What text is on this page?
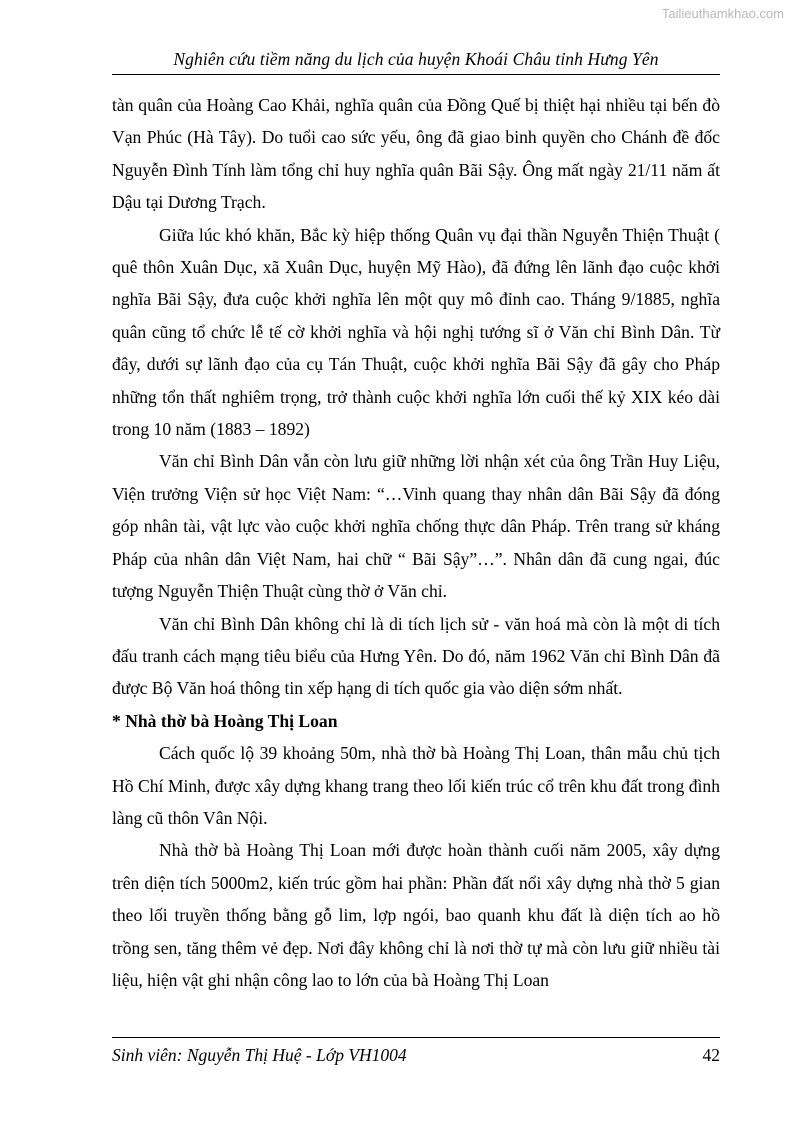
Tailieuthamkhao.com
Nghiên cứu tiềm năng du lịch của huyện Khoái Châu tỉnh Hưng Yên

tàn quân của Hoàng Cao Khải, nghĩa quân của Đồng Quế bị thiệt hại nhiều tại bến đò Vạn Phúc (Hà Tây). Do tuổi cao sức yếu, ông đã giao binh quyền cho Chánh đề đốc Nguyễn Đình Tính làm tổng chỉ huy nghĩa quân Bãi Sậy. Ông mất ngày 21/11 năm ất Dậu tại Dương Trạch.

Giữa lúc khó khăn, Bắc kỳ hiệp thống Quân vụ đại thần Nguyễn Thiện Thuật ( quê thôn Xuân Dục, xã Xuân Dục, huyện Mỹ Hào), đã đứng lên lãnh đạo cuộc khởi nghĩa Bãi Sậy, đưa cuộc khởi nghĩa lên một quy mô đỉnh cao. Tháng 9/1885, nghĩa quân cũng tổ chức lễ tế cờ khởi nghĩa và hội nghị tướng sĩ ở Văn chỉ Bình Dân. Từ đây, dưới sự lãnh đạo của cụ Tán Thuật, cuộc khởi nghĩa Bãi Sậy đã gây cho Pháp những tổn thất nghiêm trọng, trở thành cuộc khởi nghĩa lớn cuối thế kỷ XIX kéo dài trong 10 năm (1883 – 1892)

Văn chỉ Bình Dân vẫn còn lưu giữ những lời nhận xét của ông Trần Huy Liệu, Viện trưởng Viện sử học Việt Nam: “…Vinh quang thay nhân dân Bãi Sậy đã đóng góp nhân tài, vật lực vào cuộc khởi nghĩa chống thực dân Pháp. Trên trang sử kháng Pháp của nhân dân Việt Nam, hai chữ “ Bãi Sậy”…”. Nhân dân đã cung ngai, đúc tượng Nguyễn Thiện Thuật cùng thờ ở Văn chỉ.

Văn chỉ Bình Dân không chỉ là di tích lịch sử - văn hoá mà còn là một di tích đấu tranh cách mạng tiêu biểu của Hưng Yên. Do đó, năm 1962 Văn chỉ Bình Dân đã được Bộ Văn hoá thông tin xếp hạng di tích quốc gia vào diện sớm nhất.

* Nhà thờ bà Hoàng Thị Loan

Cách quốc lộ 39 khoảng 50m, nhà thờ bà Hoàng Thị Loan, thân mẫu chủ tịch Hồ Chí Minh, được xây dựng khang trang theo lối kiến trúc cổ trên khu đất trong đình làng cũ thôn Vân Nội.

Nhà thờ bà Hoàng Thị Loan mới được hoàn thành cuối năm 2005, xây dựng trên diện tích 5000m2, kiến trúc gồm hai phần: Phần đất nổi xây dựng nhà thờ 5 gian theo lối truyền thống bằng gỗ lim, lợp ngói, bao quanh khu đất là diện tích ao hồ trồng sen, tăng thêm vẻ đẹp. Nơi đây không chỉ là nơi thờ tự mà còn lưu giữ nhiều tài liệu, hiện vật ghi nhận công lao to lớn của bà Hoàng Thị Loan

Sinh viên: Nguyễn Thị Huệ - Lớp VH1004	42
